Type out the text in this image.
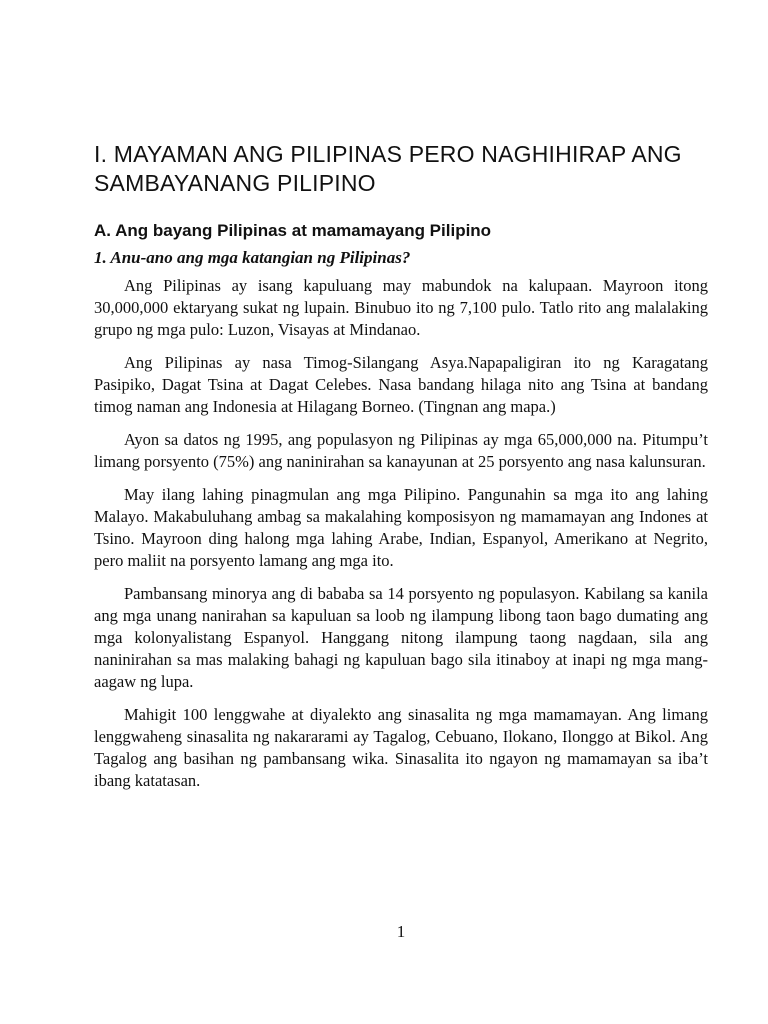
I. MAYAMAN ANG PILIPINAS PERO NAGHIHIRAP ANG SAMBAYANANG PILIPINO
A. Ang bayang Pilipinas at mamamayang Pilipino
1. Anu-ano ang mga katangian ng Pilipinas?

Ang Pilipinas ay isang kapuluang may mabundok na kalupaan. Mayroon itong 30,000,000 ektaryang sukat ng lupain. Binubuo ito ng 7,100 pulo. Tatlo rito ang malalaking grupo ng mga pulo: Luzon, Visayas at Mindanao.

Ang Pilipinas ay nasa Timog-Silangang Asya.Napapaligiran ito ng Karagatang Pasipiko, Dagat Tsina at Dagat Celebes. Nasa bandang hilaga nito ang Tsina at bandang timog naman ang Indonesia at Hilagang Borneo. (Tingnan ang mapa.)

Ayon sa datos ng 1995, ang populasyon ng Pilipinas ay mga 65,000,000 na. Pitumpu’t limang porsyento (75%) ang naninirahan sa kanayunan at 25 porsyento ang nasa kalunsuran.

May ilang lahing pinagmulan ang mga Pilipino. Pangunahin sa mga ito ang lahing Malayo. Makabuluhang ambag sa makalahing komposisyon ng mamamayan ang Indones at Tsino. Mayroon ding halong mga lahing Arabe, Indian, Espanyol, Amerikano at Negrito, pero maliit na porsyento lamang ang mga ito.

Pambansang minorya ang di bababa sa 14 porsyento ng populasyon. Kabilang sa kanila ang mga unang nanirahan sa kapuluan sa loob ng ilampung libong taon bago dumating ang mga kolonyalistang Espanyol. Hanggang nitong ilampung taong nagdaan, sila ang naninirahan sa mas malaking bahagi ng kapuluan bago sila itinaboy at inapi ng mga mang-aagaw ng lupa.

Mahigit 100 lenggwahe at diyalekto ang sinasalita ng mga mamamayan. Ang limang lenggwaheng sinasalita ng nakararami ay Tagalog, Cebuano, Ilokano, Ilonggo at Bikol. Ang Tagalog ang basihan ng pambansang wika. Sinasalita ito ngayon ng mamamayan sa iba’t ibang katatasan.

1
